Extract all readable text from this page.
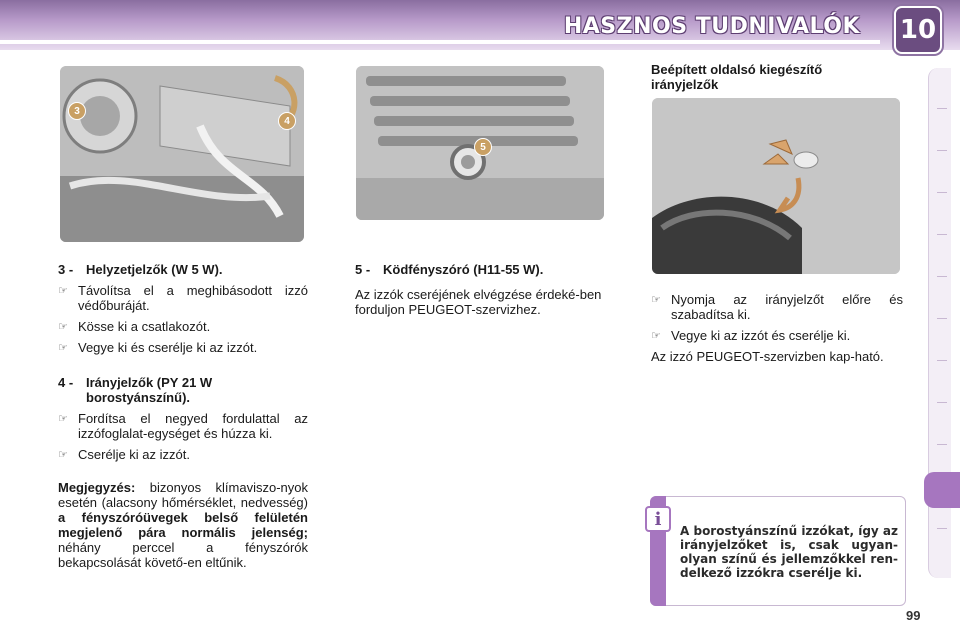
HASZNOS TUDNIVALÓK 10
3
4
5
3 - Helyzetjelzők (W 5 W).
☞ Távolítsa el a meghibásodott izzó védőburáját.
☞ Kösse ki a csatlakozót.
☞ Vegye ki és cserélje ki az izzót.
4 - Irányjelzők (PY 21 W borostyánszínű).
☞ Fordítsa el negyed fordulattal az izzófoglalat-egységet és húzza ki.
☞ Cserélje ki az izzót.
Megjegyzés: bizonyos klímaviszo-nyok esetén (alacsony hőmérséklet, nedvesség) a fényszóróüvegek belső felületén megjelenő pára normális jelenség; néhány perccel a fényszórók bekapcsolását követő-en eltűnik.
5 - Ködfényszóró (H11-55 W).
Az izzók cseréjének elvégzése érdeké-ben forduljon PEUGEOT-szervizhez.
Beépített oldalsó kiegészítő irányjelzők
☞ Nyomja az irányjelzőt előre és szabadítsa ki.
☞ Vegye ki az izzót és cserélje ki.
Az izzó PEUGEOT-szervizben kap-ható.
i
A borostyánszínű izzókat, így az irányjelzőket is, csak ugyan-olyan színű és jellemzőkkel ren-delkező izzókra cserélje ki.
99
